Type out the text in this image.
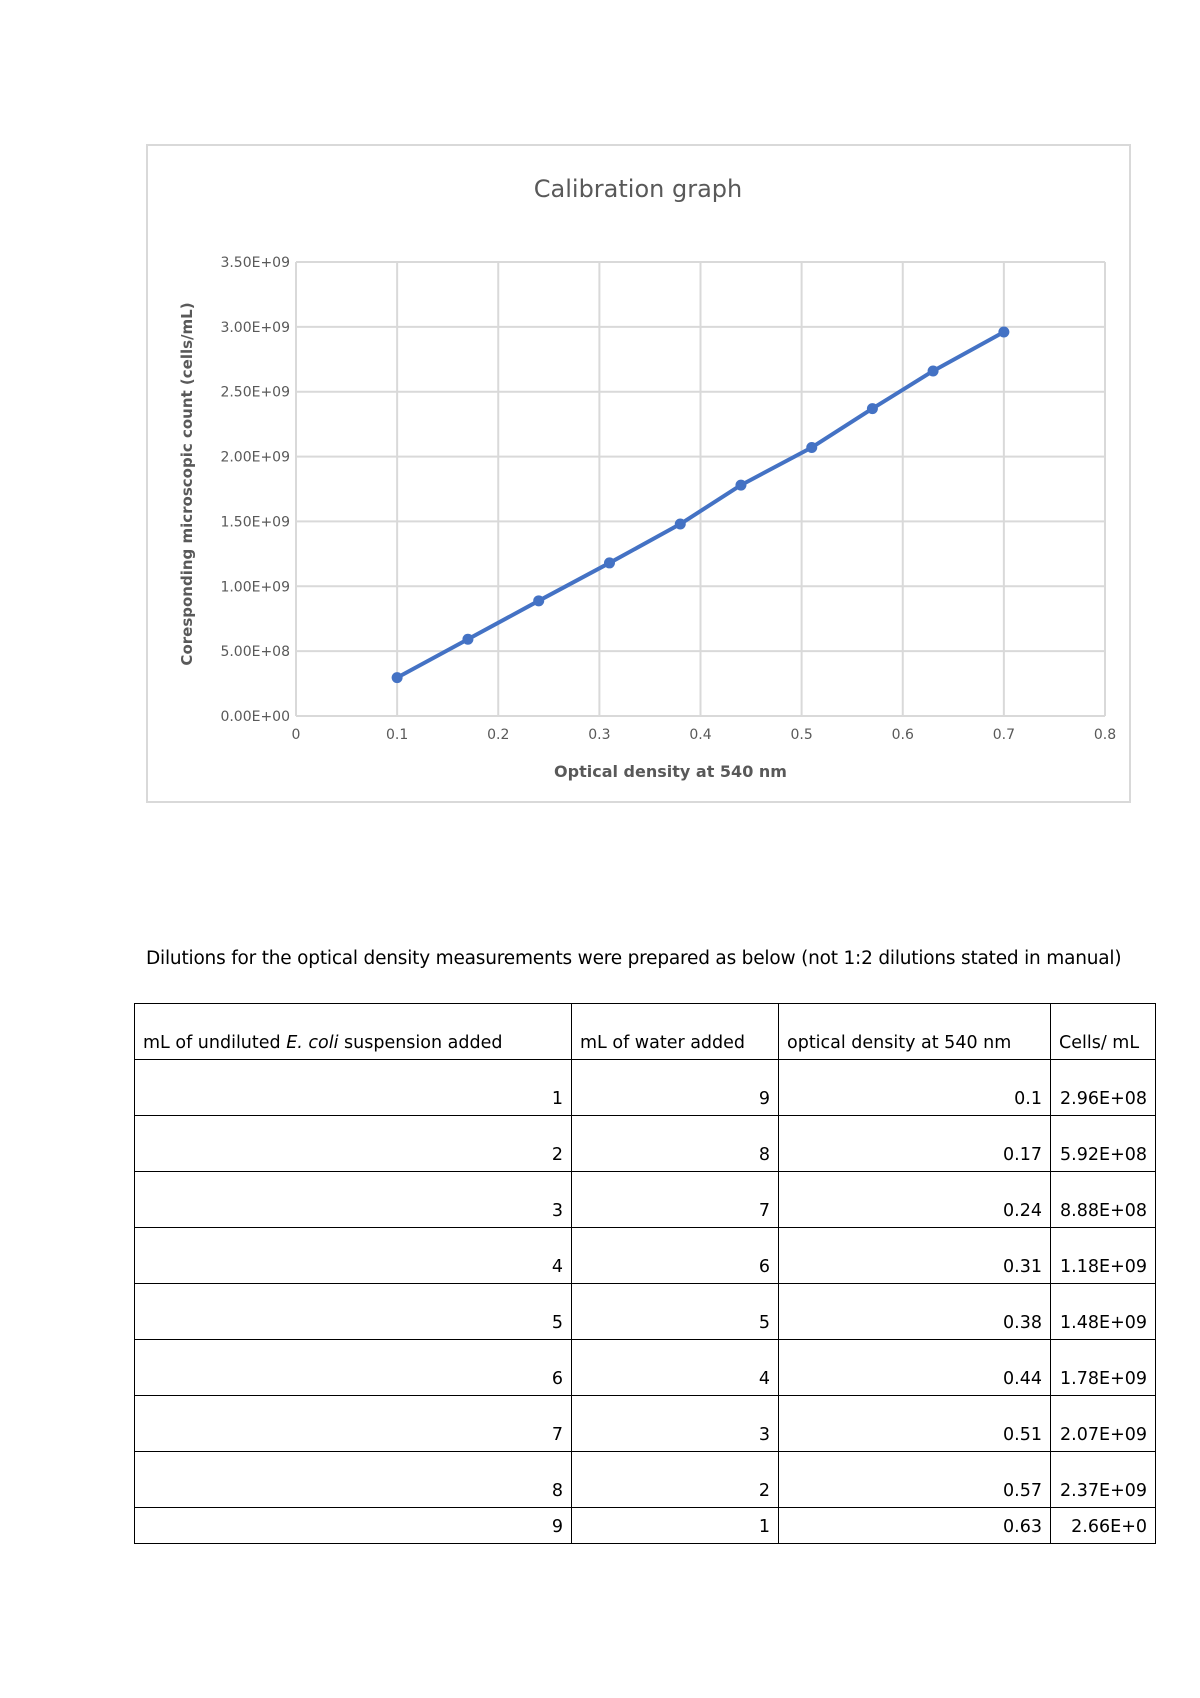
Calibration graph
0.00E+00
5.00E+08
1.00E+09
1.50E+09
2.00E+09
2.50E+09
3.00E+09
3.50E+09
0	0.1	0.2	0.3	0.4	0.5	0.6	0.7	0.8
Optical density at 540 nm
Coresponding microscopic count (cells/mL)
Dilutions for the optical density measurements were prepared as below (not 1:2 dilutions stated in manual)
mL of undiluted E. coli suspension added	mL of water added	optical density at 540 nm	Cells/ mL
1	9	0.1	2.96E+08
2	8	0.17	5.92E+08
3	7	0.24	8.88E+08
4	6	0.31	1.18E+09
5	5	0.38	1.48E+09
6	4	0.44	1.78E+09
7	3	0.51	2.07E+09
8	2	0.57	2.37E+09
9	1	0.63	2.66E+0
